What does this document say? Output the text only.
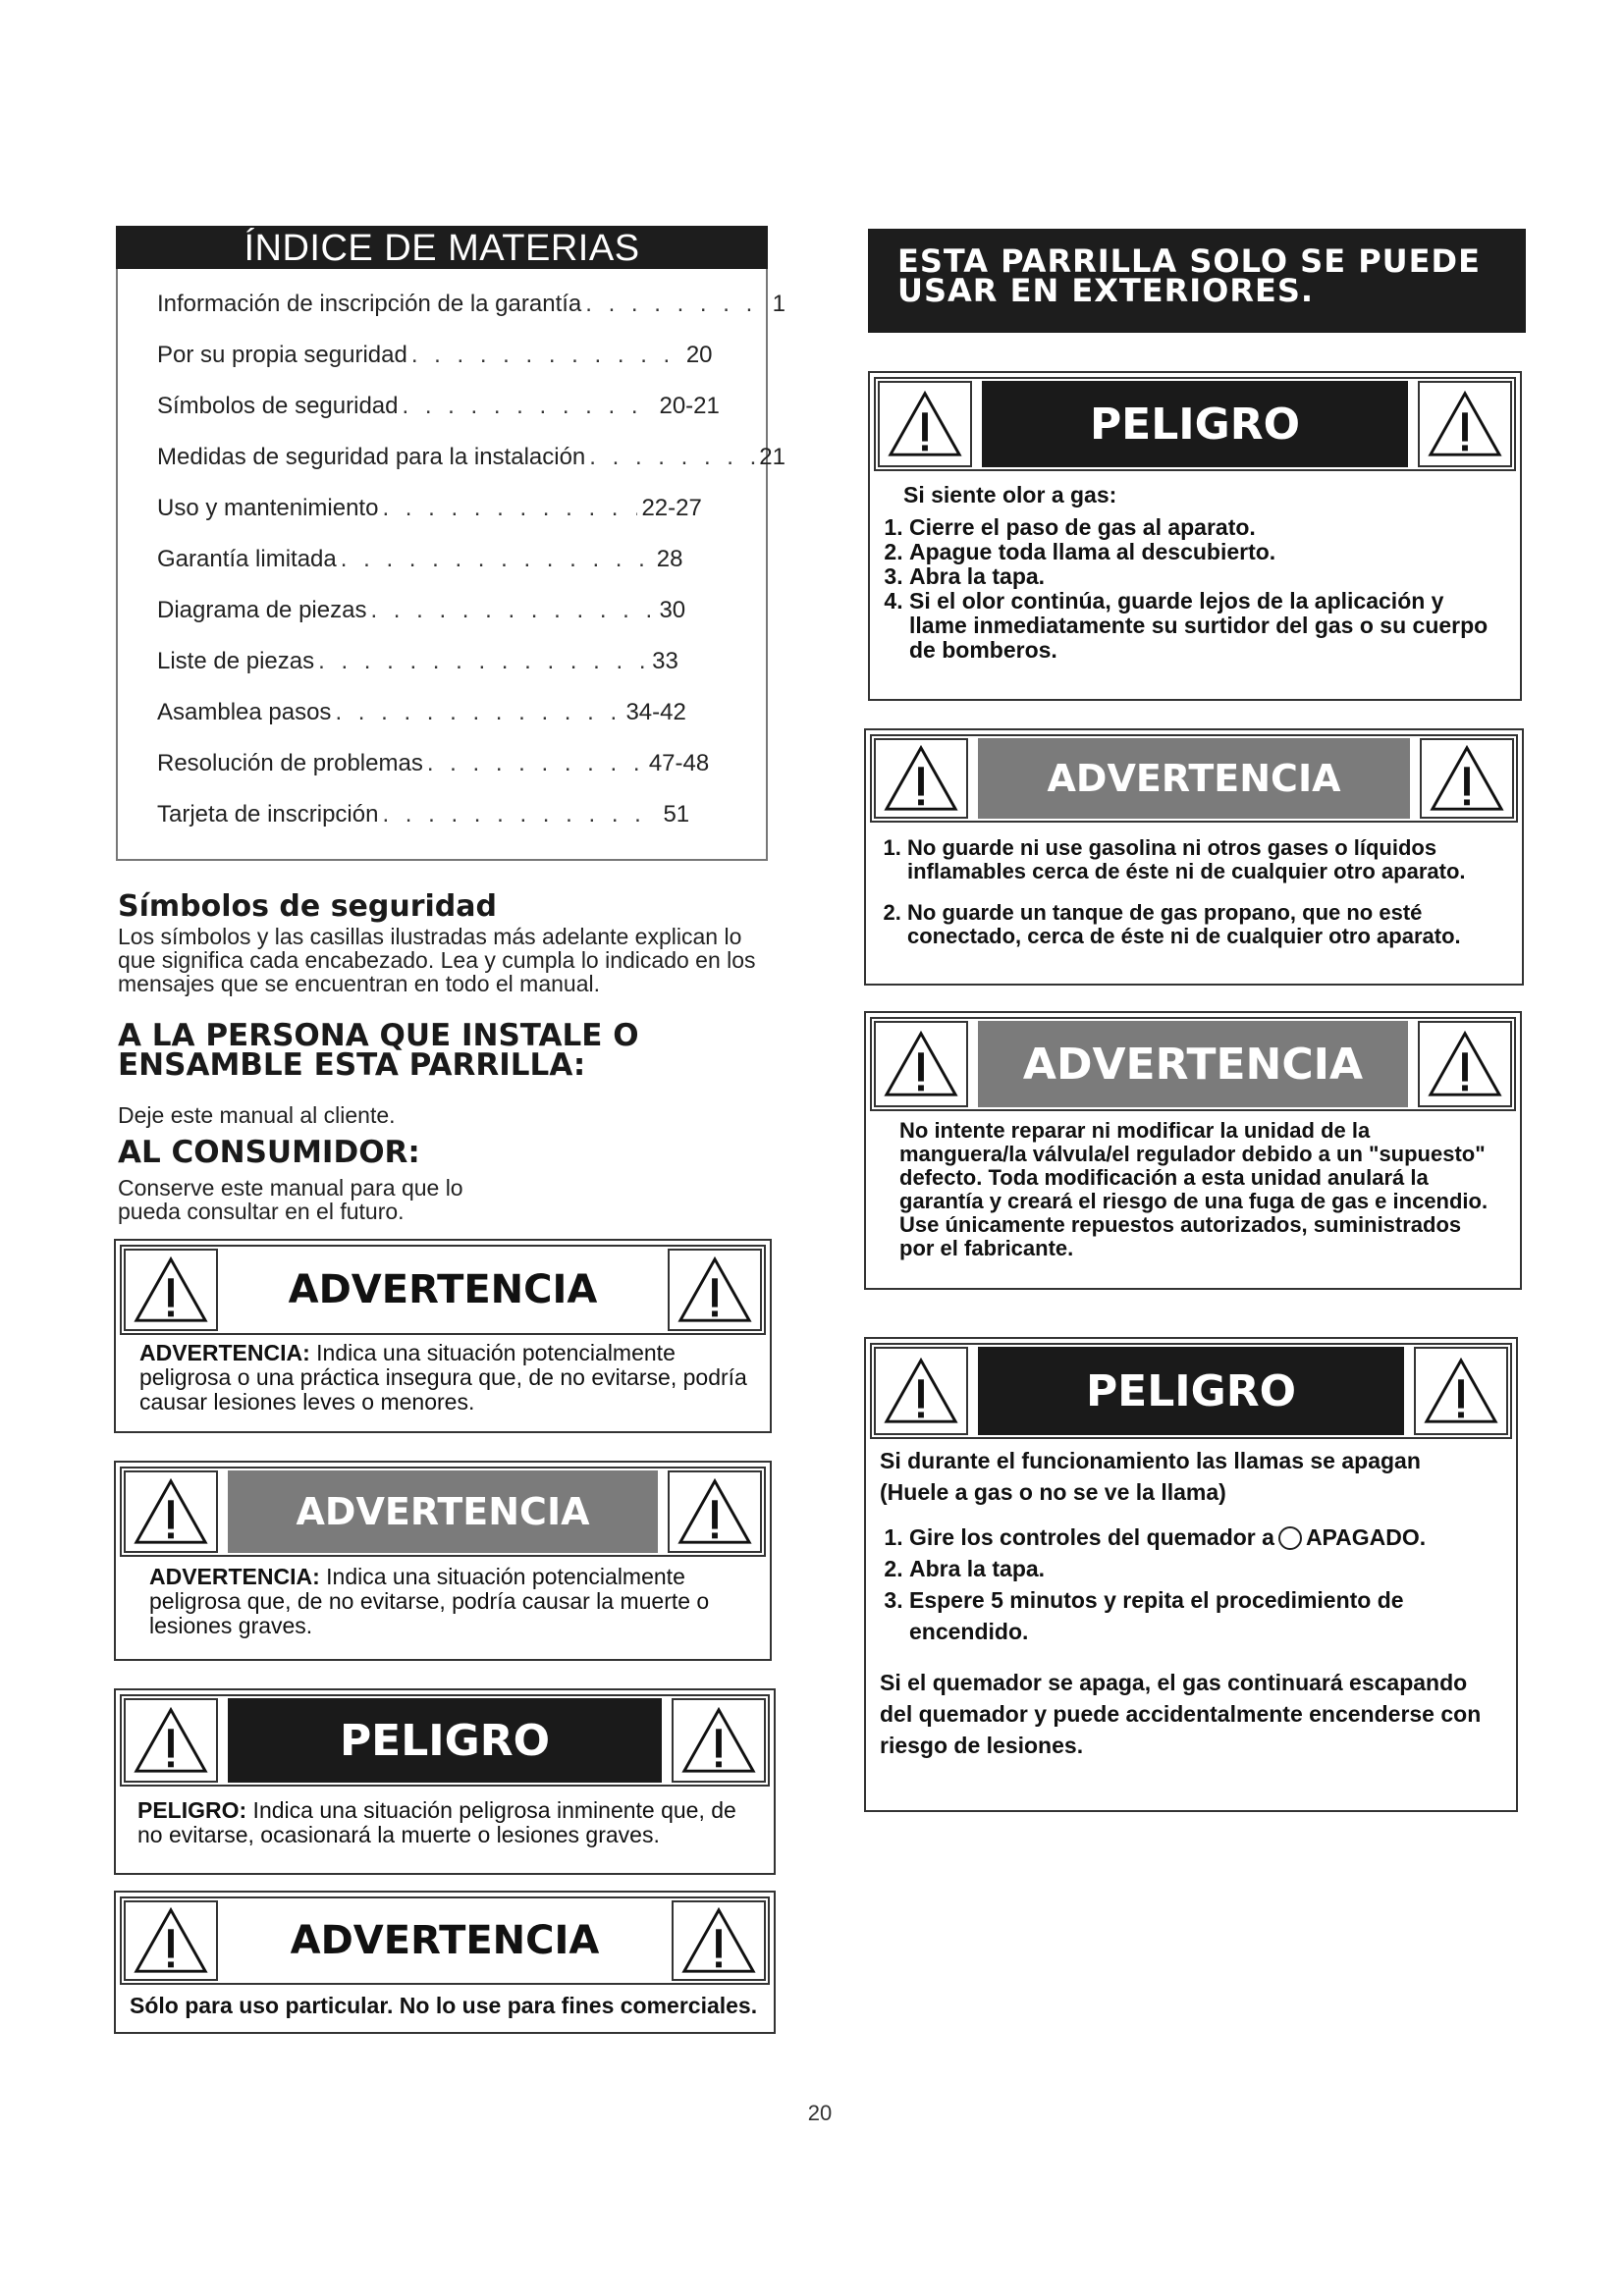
ÍNDICE DE MATERIAS
Información de inscripción de la garantía . . .	1
Por su propia seguridad . . .	20
Símbolos de seguridad . . .	20-21
Medidas de seguridad para la instalación . . .	21
Uso y mantenimiento . . .	22-27
Garantía limitada . . .	28
Diagrama de piezas . . .	30
Liste de piezas . . .	33
Asamblea pasos . . .	34-42
Resolución de problemas . . .	47-48
Tarjeta de inscripción . . .	51
Símbolos de seguridad
Los símbolos y las casillas ilustradas más adelante explican lo que significa cada encabezado. Lea y cumpla lo indicado en los mensajes que se encuentran en todo el manual.
A LA PERSONA QUE INSTALE O ENSAMBLE ESTA PARRILLA:
Deje este manual al cliente.
AL CONSUMIDOR:
Conserve este manual para que lo pueda consultar en el futuro.
ADVERTENCIA
ADVERTENCIA: Indica una situación potencialmente peligrosa o una práctica insegura que, de no evitarse, podría causar lesiones leves o menores.
ADVERTENCIA
ADVERTENCIA: Indica una situación potencialmente peligrosa que, de no evitarse, podría causar la muerte o lesiones graves.
PELIGRO
PELIGRO: Indica una situación peligrosa inminente que, de no evitarse, ocasionará la muerte o lesiones graves.
ADVERTENCIA
Sólo para uso particular. No lo use para fines comerciales.
ESTA PARRILLA SOLO SE PUEDE
USAR EN EXTERIORES.
PELIGRO
Si siente olor a gas:
1. Cierre el paso de gas al aparato.
2. Apague toda llama al descubierto.
3. Abra la tapa.
4. Si el olor continúa, guarde lejos de la aplicación y llame inmediatamente su surtidor del gas o su cuerpo de bomberos.
ADVERTENCIA
1. No guarde ni use gasolina ni otros gases o líquidos inflamables cerca de éste ni de cualquier otro aparato.
2. No guarde un tanque de gas propano, que no esté conectado, cerca de éste ni de cualquier otro aparato.
ADVERTENCIA
No intente reparar ni modificar la unidad de la manguera/la válvula/el regulador debido a un "supuesto" defecto. Toda modificación a esta unidad anulará la garantía y creará el riesgo de una fuga de gas e incendio. Use únicamente repuestos autorizados, suministrados por el fabricante.
PELIGRO
Si durante el funcionamiento las llamas se apagan (Huele a gas o no se ve la llama)
1. Gire los controles del quemador a APAGADO.
2. Abra la tapa.
3. Espere 5 minutos y repita el procedimiento de encendido.
Si el quemador se apaga, el gas continuará escapando del quemador y puede accidentalmente encenderse con riesgo de lesiones.
20
